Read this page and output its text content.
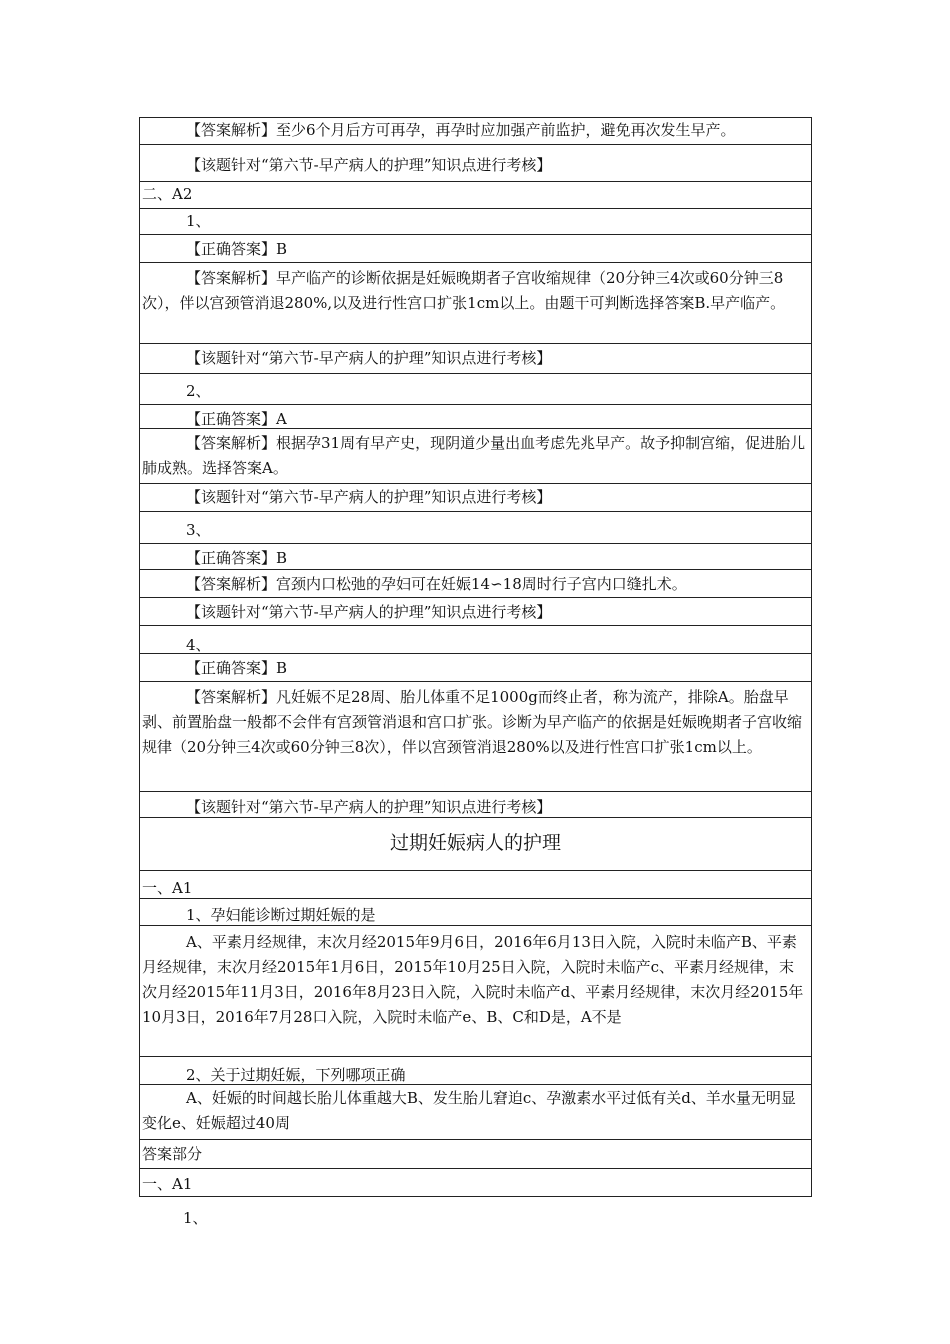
【答案解析】至少6个月后方可再孕，再孕时应加强产前监护，避免再次发生早产。
【该题针对“第六节-早产病人的护理”知识点进行考核】
二、A2
1、
【正确答案】B
【答案解析】早产临产的诊断依据是妊娠晚期者子宫收缩规律（20分钟三4次或60分钟三8次），伴以宫颈管消退280%,以及进行性宫口扩张1cm以上。由题干可判断选择答案B.早产临产。
【该题针对“第六节-早产病人的护理”知识点进行考核】
2、
【正确答案】A
【答案解析】根据孕31周有早产史，现阴道少量出血考虑先兆早产。故予抑制宫缩，促进胎儿肺成熟。选择答案A。
【该题针对“第六节-早产病人的护理”知识点进行考核】
3、
【正确答案】B
【答案解析】宫颈内口松弛的孕妇可在妊娠14∽18周时行子宫内口缝扎术。
【该题针对“第六节-早产病人的护理”知识点进行考核】
4、
【正确答案】B
【答案解析】凡妊娠不足28周、胎儿体重不足1000g而终止者，称为流产，排除A。胎盘早剥、前置胎盘一般都不会伴有宫颈管消退和宫口扩张。诊断为早产临产的依据是妊娠晚期者子宫收缩规律（20分钟三4次或60分钟三8次），伴以宫颈管消退280%以及进行性宫口扩张1cm以上。
【该题针对“第六节-早产病人的护理”知识点进行考核】
过期妊娠病人的护理
一、A1
1、孕妇能诊断过期妊娠的是
A、平素月经规律，末次月经2015年9月6日，2016年6月13日入院，入院时未临产B、平素月经规律，末次月经2015年1月6日，2015年10月25日入院，入院时未临产c、平素月经规律，末次月经2015年11月3日，2016年8月23日入院，入院时未临产d、平素月经规律，末次月经2015年10月3日，2016年7月28口入院，入院时未临产e、B、C和D是，A不是
2、关于过期妊娠，下列哪项正确
A、妊娠的时间越长胎儿体重越大B、发生胎儿窘迫c、孕激素水平过低有关d、羊水量无明显变化e、妊娠超过40周
答案部分
一、A1
1、
